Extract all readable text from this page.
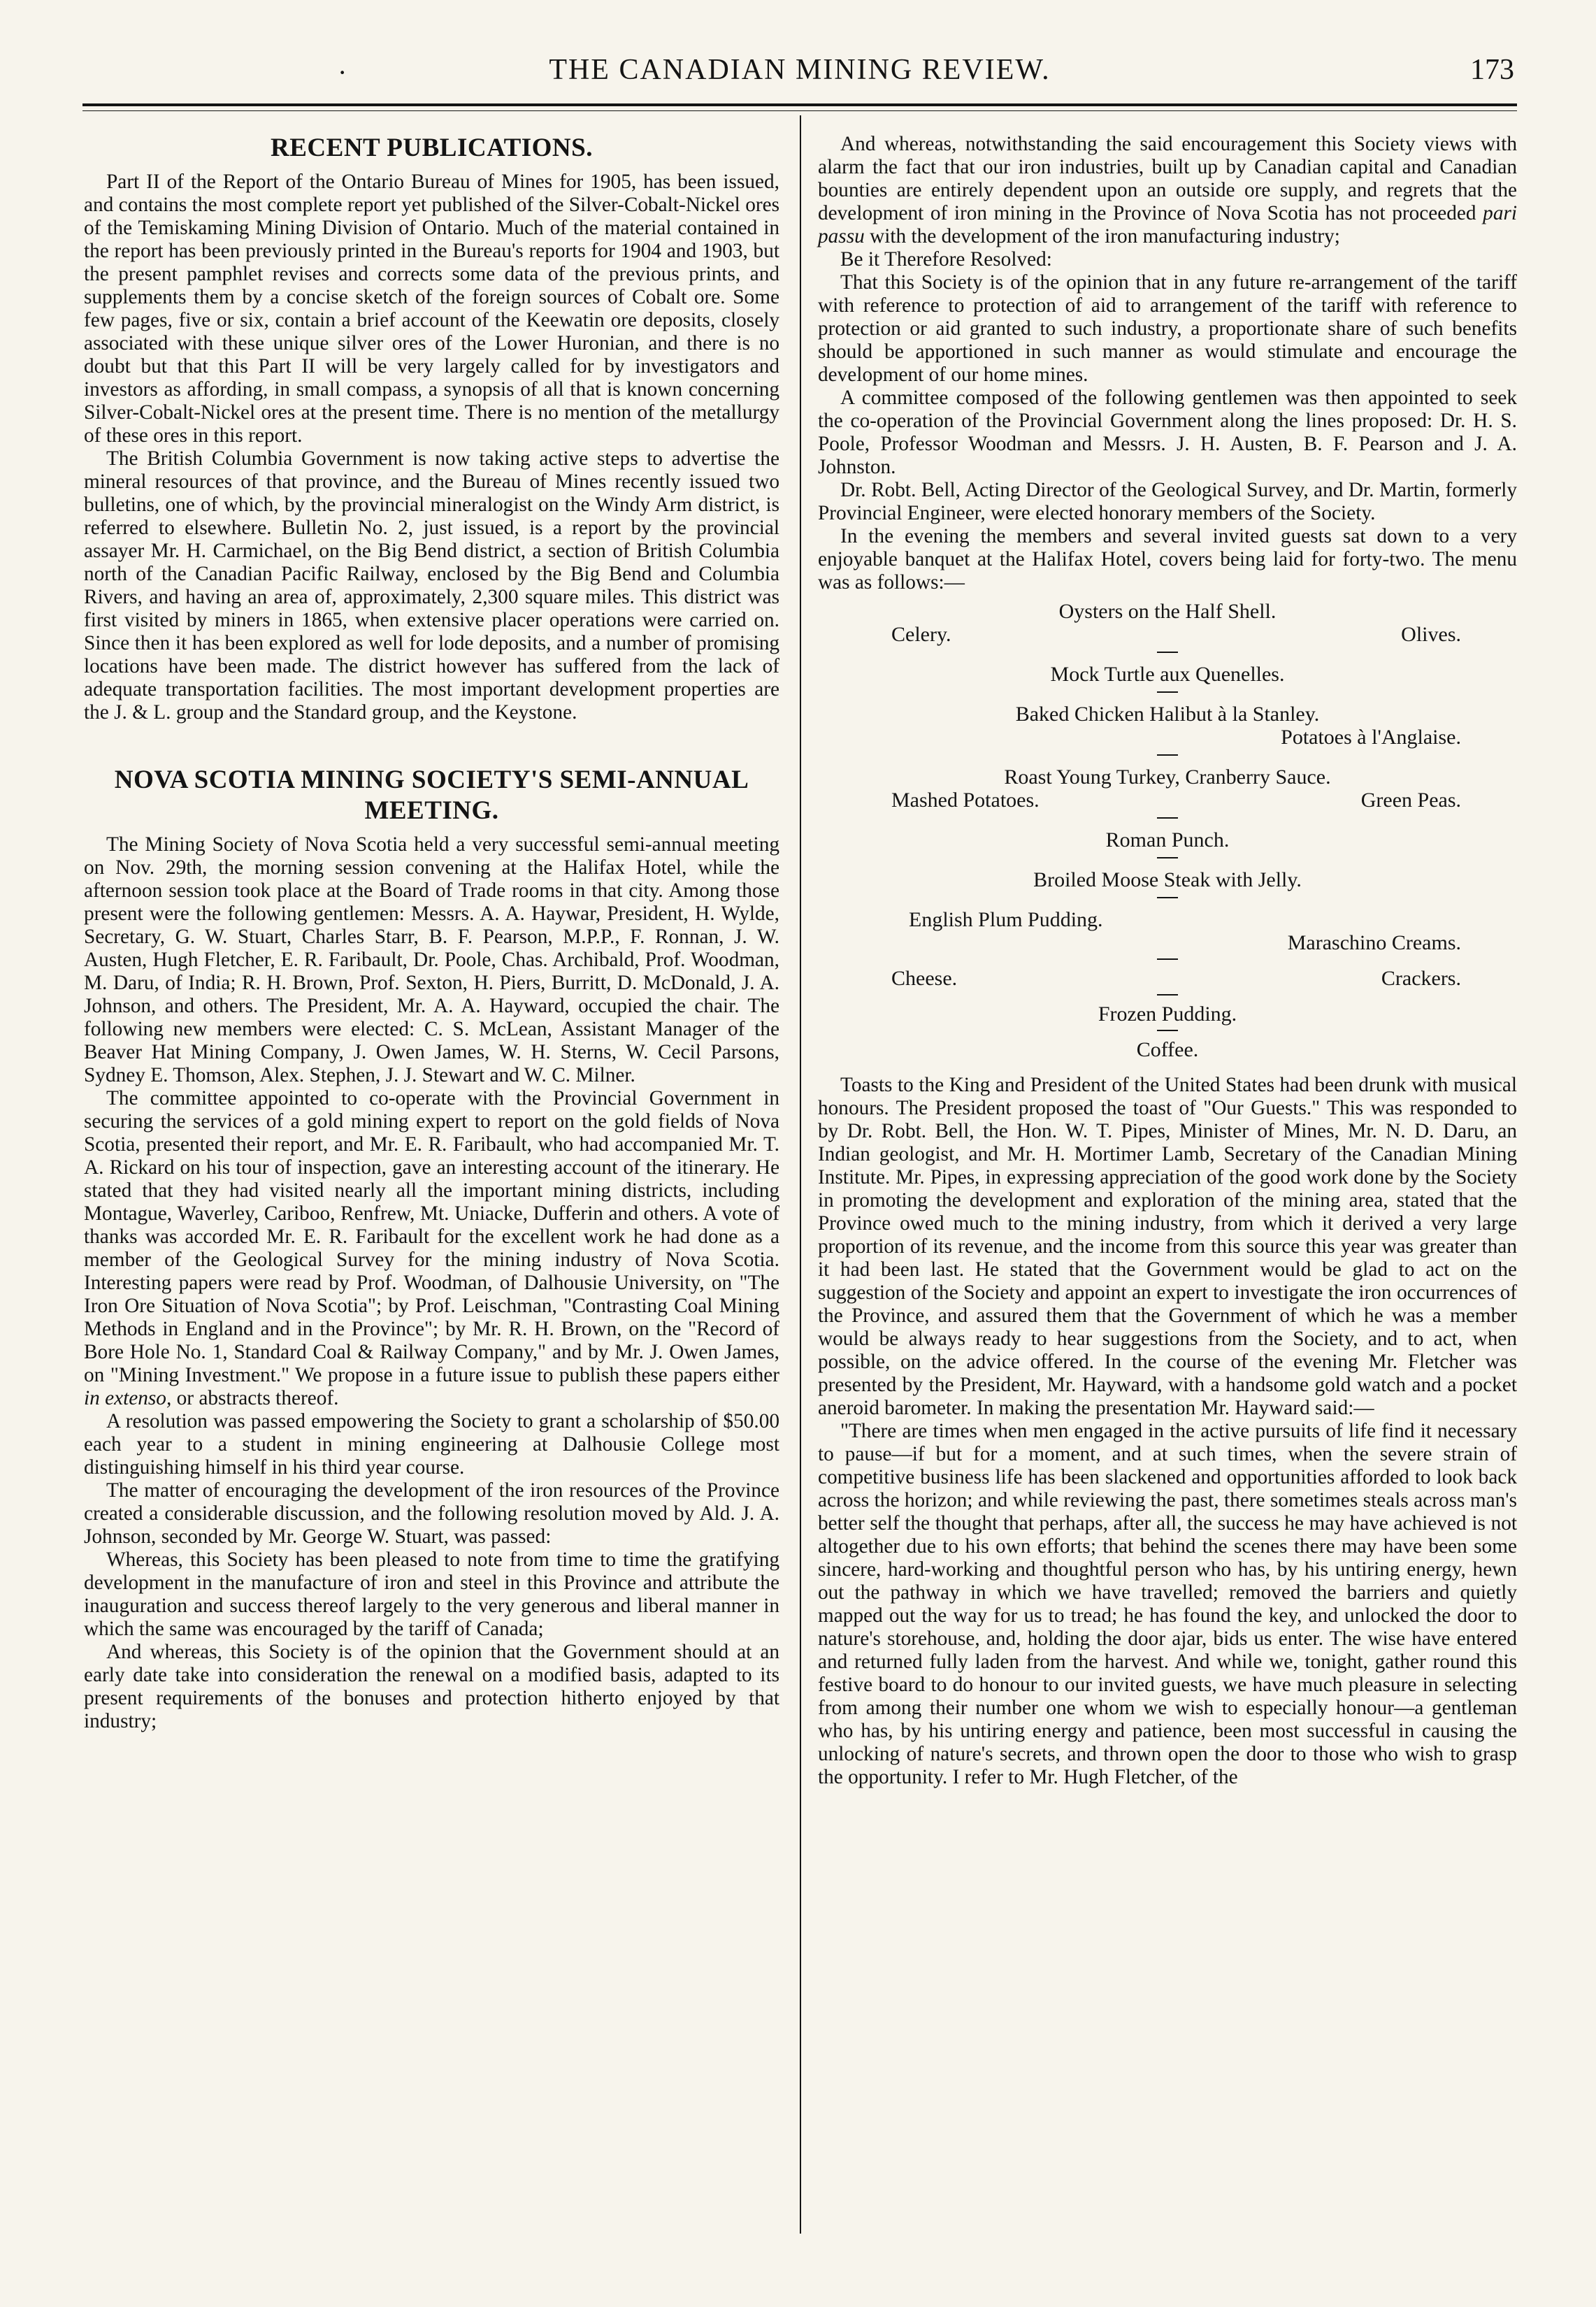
·	THE CANADIAN MINING REVIEW.	173
RECENT PUBLICATIONS.

Part II of the Report of the Ontario Bureau of Mines for 1905, has been issued, and contains the most complete report yet published of the Silver-Cobalt-Nickel ores of the Temiskaming Mining Division of Ontario. Much of the material contained in the report has been previously printed in the Bureau's reports for 1904 and 1903, but the present pamphlet revises and corrects some data of the previous prints, and supplements them by a concise sketch of the foreign sources of Cobalt ore. Some few pages, five or six, contain a brief account of the Keewatin ore deposits, closely associated with these unique silver ores of the Lower Huronian, and there is no doubt but that this Part II will be very largely called for by investigators and investors as affording, in small compass, a synopsis of all that is known concerning Silver-Cobalt-Nickel ores at the present time. There is no mention of the metallurgy of these ores in this report.

The British Columbia Government is now taking active steps to advertise the mineral resources of that province, and the Bureau of Mines recently issued two bulletins, one of which, by the provincial mineralogist on the Windy Arm district, is referred to elsewhere. Bulletin No. 2, just issued, is a report by the provincial assayer Mr. H. Carmichael, on the Big Bend district, a section of British Columbia north of the Canadian Pacific Railway, enclosed by the Big Bend and Columbia Rivers, and having an area of, approximately, 2,300 square miles. This district was first visited by miners in 1865, when extensive placer operations were carried on. Since then it has been explored as well for lode deposits, and a number of promising locations have been made. The district however has suffered from the lack of adequate transportation facilities. The most important development properties are the J. & L. group and the Standard group, and the Keystone.

NOVA SCOTIA MINING SOCIETY'S SEMI-ANNUAL
MEETING.

The Mining Society of Nova Scotia held a very successful semi-annual meeting on Nov. 29th, the morning session convening at the Halifax Hotel, while the afternoon session took place at the Board of Trade rooms in that city. Among those present were the following gentlemen: Messrs. A. A. Haywar, President, H. Wylde, Secretary, G. W. Stuart, Charles Starr, B. F. Pearson, M.P.P., F. Ronnan, J. W. Austen, Hugh Fletcher, E. R. Faribault, Dr. Poole, Chas. Archibald, Prof. Woodman, M. Daru, of India; R. H. Brown, Prof. Sexton, H. Piers, Burritt, D. McDonald, J. A. Johnson, and others. The President, Mr. A. A. Hayward, occupied the chair. The following new members were elected: C. S. McLean, Assistant Manager of the Beaver Hat Mining Company, J. Owen James, W. H. Sterns, W. Cecil Parsons, Sydney E. Thomson, Alex. Stephen, J. J. Stewart and W. C. Milner.

The committee appointed to co-operate with the Provincial Government in securing the services of a gold mining expert to report on the gold fields of Nova Scotia, presented their report, and Mr. E. R. Faribault, who had accompanied Mr. T. A. Rickard on his tour of inspection, gave an interesting account of the itinerary. He stated that they had visited nearly all the important mining districts, including Montague, Waverley, Cariboo, Renfrew, Mt. Uniacke, Dufferin and others. A vote of thanks was accorded Mr. E. R. Faribault for the excellent work he had done as a member of the Geological Survey for the mining industry of Nova Scotia. Interesting papers were read by Prof. Woodman, of Dalhousie University, on "The Iron Ore Situation of Nova Scotia"; by Prof. Leischman, "Contrasting Coal Mining Methods in England and in the Province"; by Mr. R. H. Brown, on the "Record of Bore Hole No. 1, Standard Coal & Railway Company," and by Mr. J. Owen James, on "Mining Investment." We propose in a future issue to publish these papers either in extenso, or abstracts thereof.

A resolution was passed empowering the Society to grant a scholarship of $50.00 each year to a student in mining engineering at Dalhousie College most distinguishing himself in his third year course.

The matter of encouraging the development of the iron resources of the Province created a considerable discussion, and the following resolution moved by Ald. J. A. Johnson, seconded by Mr. George W. Stuart, was passed:

Whereas, this Society has been pleased to note from time to time the gratifying development in the manufacture of iron and steel in this Province and attribute the inauguration and success thereof largely to the very generous and liberal manner in which the same was encouraged by the tariff of Canada;

And whereas, this Society is of the opinion that the Government should at an early date take into consideration the renewal on a modified basis, adapted to its present requirements of the bonuses and protection hitherto enjoyed by that industry;

And whereas, notwithstanding the said encouragement this Society views with alarm the fact that our iron industries, built up by Canadian capital and Canadian bounties are entirely dependent upon an outside ore supply, and regrets that the development of iron mining in the Province of Nova Scotia has not proceeded pari passu with the development of the iron manufacturing industry;

Be it Therefore Resolved:

That this Society is of the opinion that in any future re-arrangement of the tariff with reference to protection of aid to arrangement of the tariff with reference to protection or aid granted to such industry, a proportionate share of such benefits should be apportioned in such manner as would stimulate and encourage the development of our home mines.

A committee composed of the following gentlemen was then appointed to seek the co-operation of the Provincial Government along the lines proposed: Dr. H. S. Poole, Professor Woodman and Messrs. J. H. Austen, B. F. Pearson and J. A. Johnston.

Dr. Robt. Bell, Acting Director of the Geological Survey, and Dr. Martin, formerly Provincial Engineer, were elected honorary members of the Society.

In the evening the members and several invited guests sat down to a very enjoyable banquet at the Halifax Hotel, covers being laid for forty-two. The menu was as follows:—

Oysters on the Half Shell.
Celery.	Olives.
Mock Turtle aux Quenelles.
Baked Chicken Halibut à la Stanley.
Potatoes à l'Anglaise.
Roast Young Turkey, Cranberry Sauce.
Mashed Potatoes.	Green Peas.
Roman Punch.
Broiled Moose Steak with Jelly.
English Plum Pudding.
Maraschino Creams.
Cheese.	Crackers.
Frozen Pudding.
Coffee.

Toasts to the King and President of the United States had been drunk with musical honours. The President proposed the toast of "Our Guests." This was responded to by Dr. Robt. Bell, the Hon. W. T. Pipes, Minister of Mines, Mr. N. D. Daru, an Indian geologist, and Mr. H. Mortimer Lamb, Secretary of the Canadian Mining Institute. Mr. Pipes, in expressing appreciation of the good work done by the Society in promoting the development and exploration of the mining area, stated that the Province owed much to the mining industry, from which it derived a very large proportion of its revenue, and the income from this source this year was greater than it had been last. He stated that the Government would be glad to act on the suggestion of the Society and appoint an expert to investigate the iron occurrences of the Province, and assured them that the Government of which he was a member would be always ready to hear suggestions from the Society, and to act, when possible, on the advice offered. In the course of the evening Mr. Fletcher was presented by the President, Mr. Hayward, with a handsome gold watch and a pocket aneroid barometer. In making the presentation Mr. Hayward said:—

"There are times when men engaged in the active pursuits of life find it necessary to pause—if but for a moment, and at such times, when the severe strain of competitive business life has been slackened and opportunities afforded to look back across the horizon; and while reviewing the past, there sometimes steals across man's better self the thought that perhaps, after all, the success he may have achieved is not altogether due to his own efforts; that behind the scenes there may have been some sincere, hard-working and thoughtful person who has, by his untiring energy, hewn out the pathway in which we have travelled; removed the barriers and quietly mapped out the way for us to tread; he has found the key, and unlocked the door to nature's storehouse, and, holding the door ajar, bids us enter. The wise have entered and returned fully laden from the harvest. And while we, tonight, gather round this festive board to do honour to our invited guests, we have much pleasure in selecting from among their number one whom we wish to especially honour—a gentleman who has, by his untiring energy and patience, been most successful in causing the unlocking of nature's secrets, and thrown open the door to those who wish to grasp the opportunity. I refer to Mr. Hugh Fletcher, of the
